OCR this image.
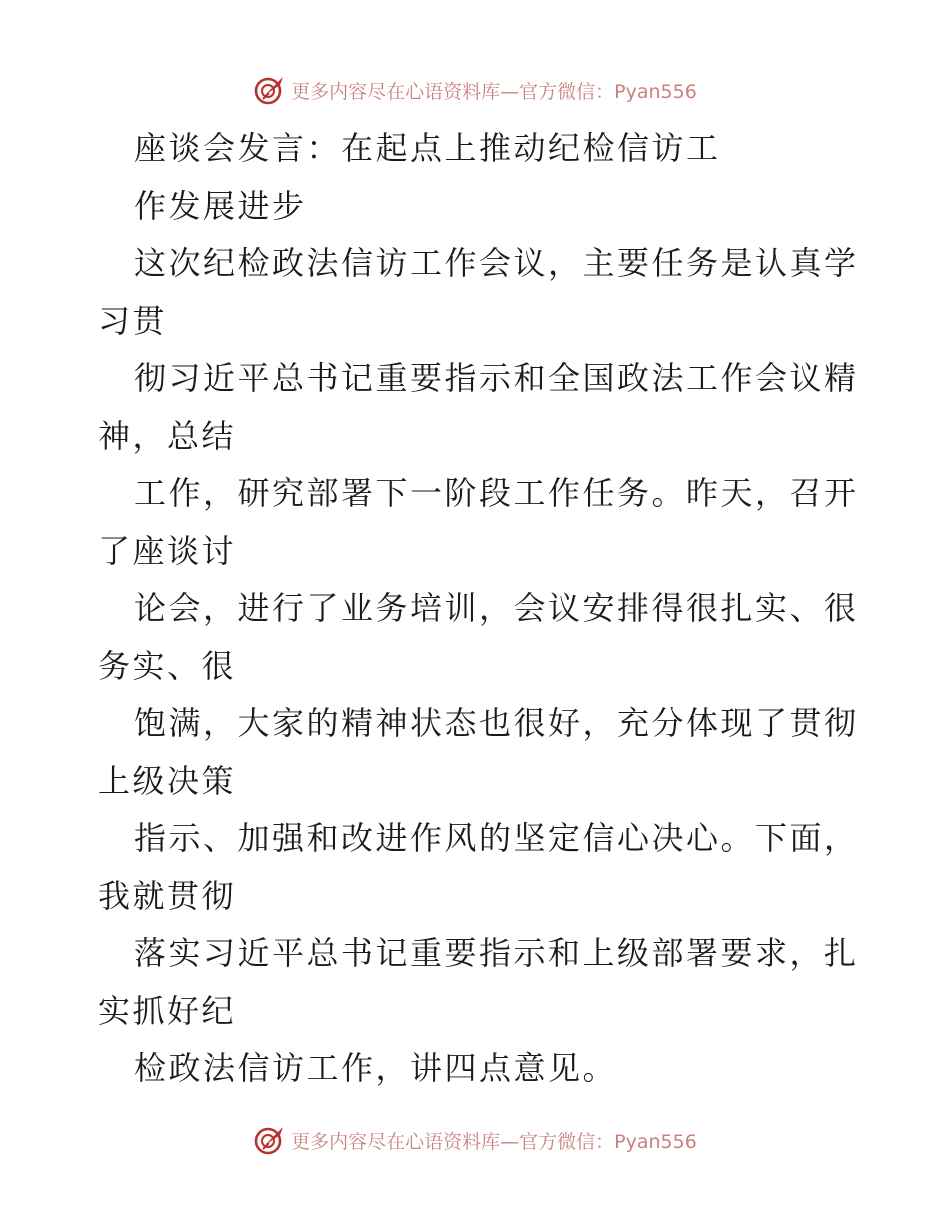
更多内容尽在心语资料库—官方微信：Pyan556
座谈会发言：在起点上推动纪检信访工
作发展进步
这次纪检政法信访工作会议，主要任务是认真学
习贯
彻习近平总书记重要指示和全国政法工作会议精
神，总结
工作，研究部署下一阶段工作任务。昨天，召开
了座谈讨
论会，进行了业务培训，会议安排得很扎实、很
务实、很
饱满，大家的精神状态也很好，充分体现了贯彻
上级决策
指示、加强和改进作风的坚定信心决心。下面，
我就贯彻
落实习近平总书记重要指示和上级部署要求，扎
实抓好纪
检政法信访工作，讲四点意见。
更多内容尽在心语资料库—官方微信：Pyan556
